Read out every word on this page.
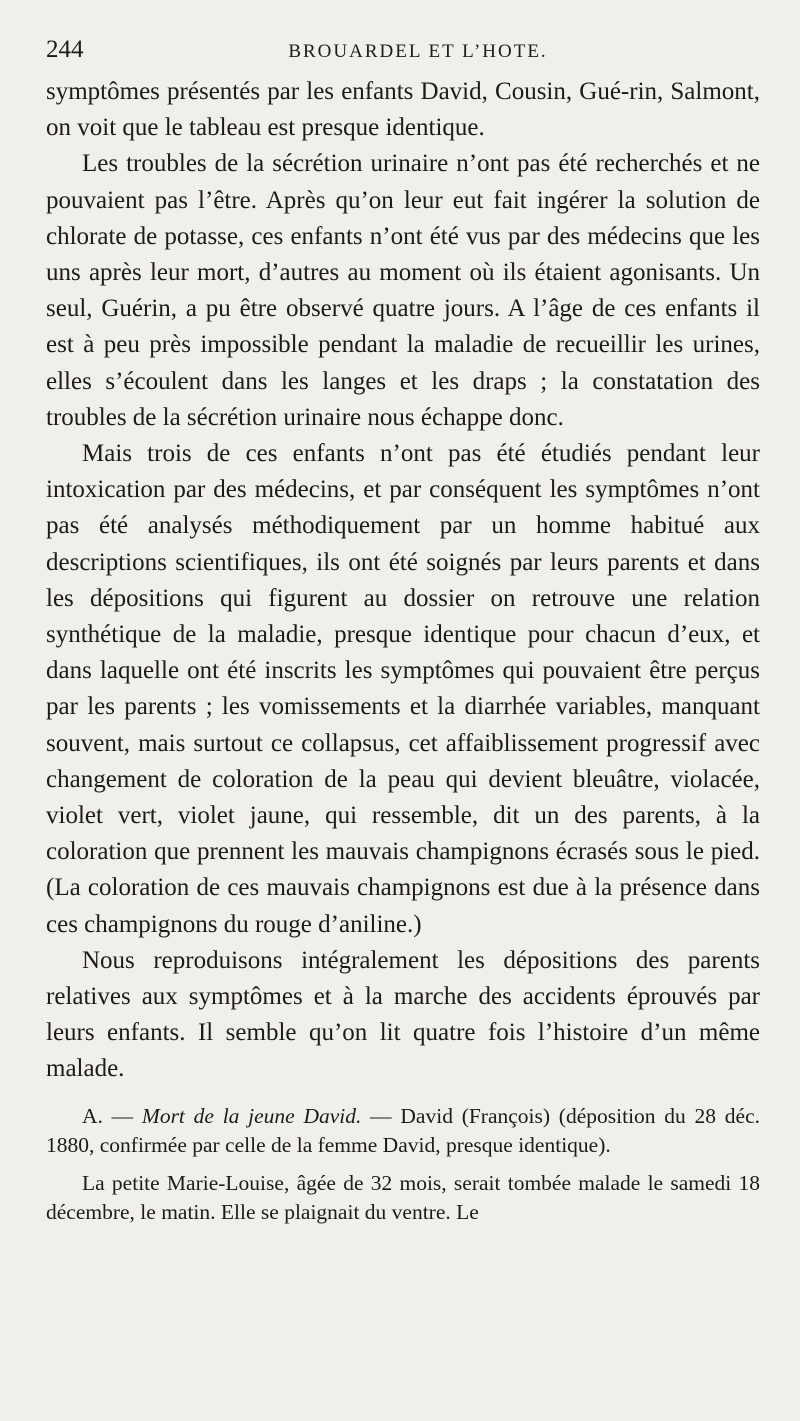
244	BROUARDEL ET L’HOTE.

symptômes présentés par les enfants David, Cousin, Gué-rin, Salmont, on voit que le tableau est presque identique.

Les troubles de la sécrétion urinaire n’ont pas été recherchés et ne pouvaient pas l’être. Après qu’on leur eut fait ingérer la solution de chlorate de potasse, ces enfants n’ont été vus par des médecins que les uns après leur mort, d’autres au moment où ils étaient agonisants. Un seul, Guérin, a pu être observé quatre jours. A l’âge de ces enfants il est à peu près impossible pendant la maladie de recueillir les urines, elles s’écoulent dans les langes et les draps ; la constatation des troubles de la sécrétion urinaire nous échappe donc.

Mais trois de ces enfants n’ont pas été étudiés pendant leur intoxication par des médecins, et par conséquent les symptômes n’ont pas été analysés méthodiquement par un homme habitué aux descriptions scientifiques, ils ont été soignés par leurs parents et dans les dépositions qui figurent au dossier on retrouve une relation synthétique de la maladie, presque identique pour chacun d’eux, et dans laquelle ont été inscrits les symptômes qui pouvaient être perçus par les parents ; les vomissements et la diarrhée variables, manquant souvent, mais surtout ce collapsus, cet affaiblissement progressif avec changement de coloration de la peau qui devient bleuâtre, violacée, violet vert, violet jaune, qui ressemble, dit un des parents, à la coloration que prennent les mauvais champignons écrasés sous le pied. (La coloration de ces mauvais champignons est due à la présence dans ces champignons du rouge d’aniline.)

Nous reproduisons intégralement les dépositions des parents relatives aux symptômes et à la marche des accidents éprouvés par leurs enfants. Il semble qu’on lit quatre fois l’histoire d’un même malade.

A. — Mort de la jeune David. — David (François) (déposition du 28 déc. 1880, confirmée par celle de la femme David, presque identique).

La petite Marie-Louise, âgée de 32 mois, serait tombée malade le samedi 18 décembre, le matin. Elle se plaignait du ventre. Le
